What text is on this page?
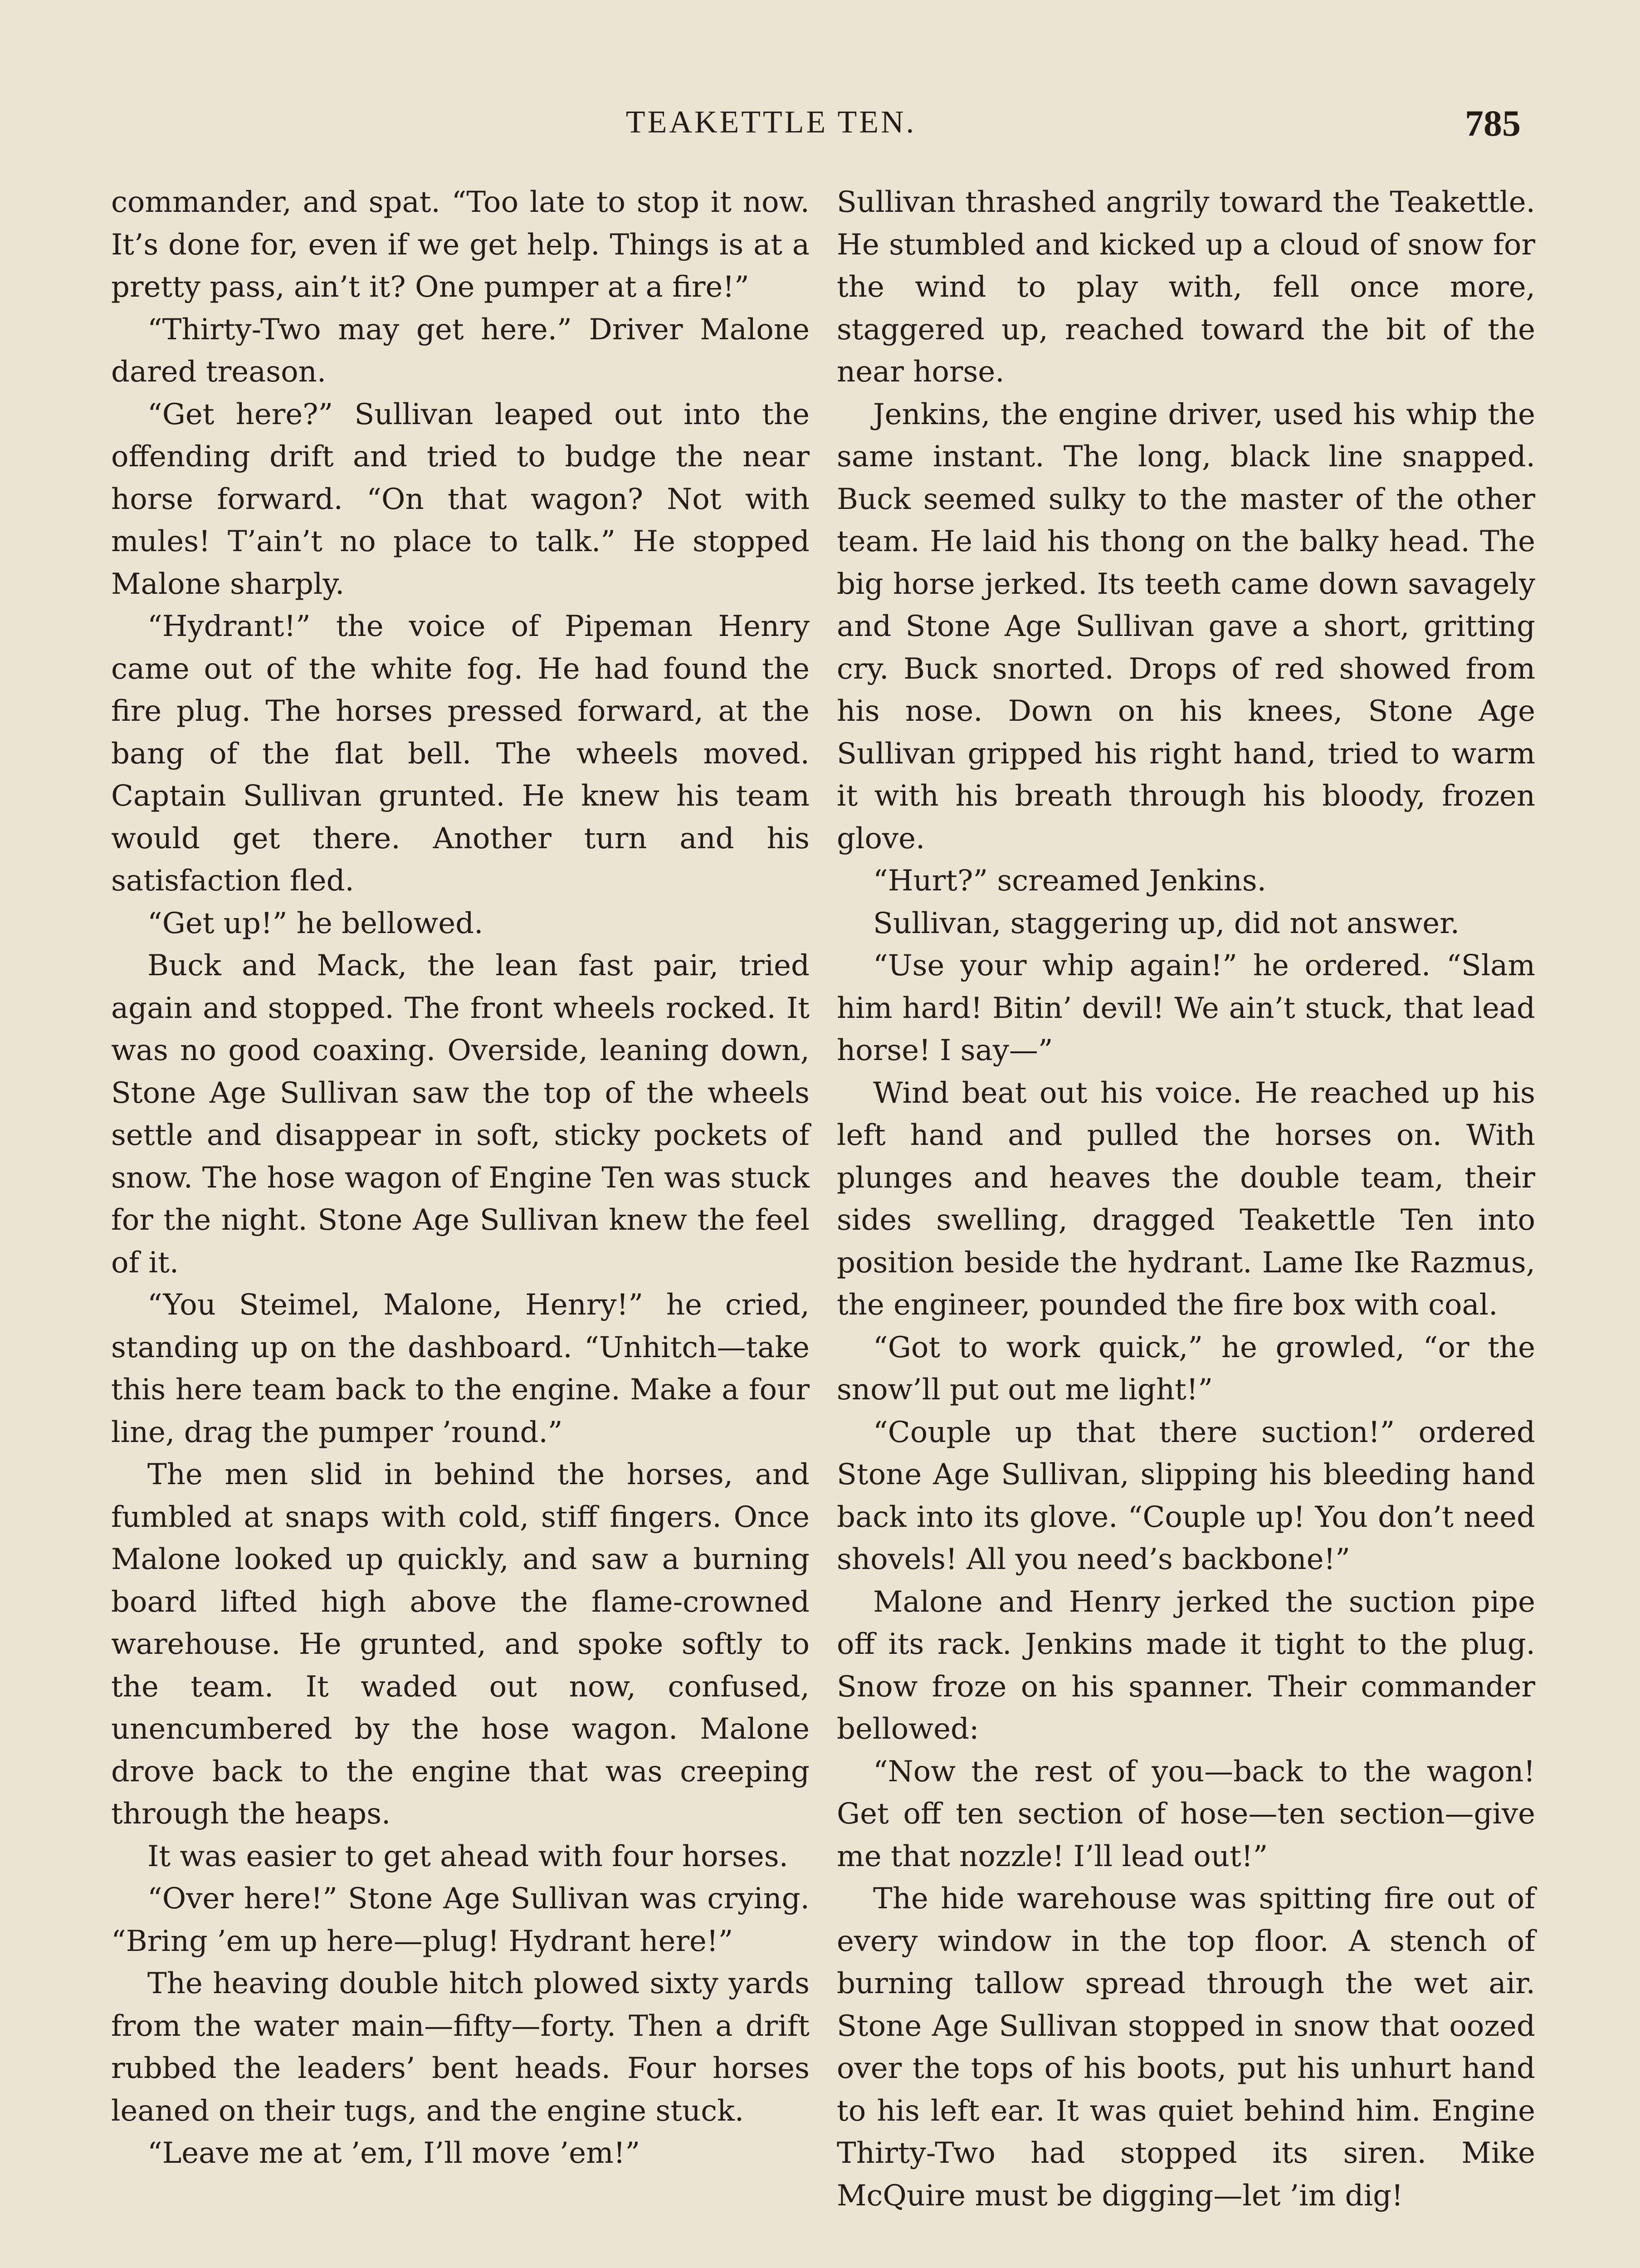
TEAKETTLE TEN.	785

commander, and spat. “Too late to stop it now. It’s done for, even if we get help. Things is at a pretty pass, ain’t it? One pumper at a fire!”

“Thirty-Two may get here.” Driver Malone dared treason.

“Get here?” Sullivan leaped out into the offending drift and tried to budge the near horse forward. “On that wagon? Not with mules! T’ain’t no place to talk.” He stopped Malone sharply.

“Hydrant!” the voice of Pipeman Henry came out of the white fog. He had found the fire plug. The horses pressed forward, at the bang of the flat bell. The wheels moved. Captain Sullivan grunted. He knew his team would get there. Another turn and his satisfaction fled.

“Get up!” he bellowed.

Buck and Mack, the lean fast pair, tried again and stopped. The front wheels rocked. It was no good coaxing. Overside, leaning down, Stone Age Sullivan saw the top of the wheels settle and disappear in soft, sticky pockets of snow. The hose wagon of Engine Ten was stuck for the night. Stone Age Sullivan knew the feel of it.

“You Steimel, Malone, Henry!” he cried, standing up on the dashboard. “Unhitch—take this here team back to the engine. Make a four line, drag the pumper ’round.”

The men slid in behind the horses, and fumbled at snaps with cold, stiff fingers. Once Malone looked up quickly, and saw a burning board lifted high above the flame-crowned warehouse. He grunted, and spoke softly to the team. It waded out now, confused, unencumbered by the hose wagon. Malone drove back to the engine that was creeping through the heaps.

It was easier to get ahead with four horses.

“Over here!” Stone Age Sullivan was crying. “Bring ’em up here—plug! Hydrant here!”

The heaving double hitch plowed sixty yards from the water main—fifty—forty. Then a drift rubbed the leaders’ bent heads. Four horses leaned on their tugs, and the engine stuck.

“Leave me at ’em, I’ll move ’em!”

Sullivan thrashed angrily toward the Teakettle. He stumbled and kicked up a cloud of snow for the wind to play with, fell once more, staggered up, reached toward the bit of the near horse.

Jenkins, the engine driver, used his whip the same instant. The long, black line snapped. Buck seemed sulky to the master of the other team. He laid his thong on the balky head. The big horse jerked. Its teeth came down savagely and Stone Age Sullivan gave a short, gritting cry. Buck snorted. Drops of red showed from his nose. Down on his knees, Stone Age Sullivan gripped his right hand, tried to warm it with his breath through his bloody, frozen glove.

“Hurt?” screamed Jenkins.

Sullivan, staggering up, did not answer.

“Use your whip again!” he ordered. “Slam him hard! Bitin’ devil! We ain’t stuck, that lead horse! I say—”

Wind beat out his voice. He reached up his left hand and pulled the horses on. With plunges and heaves the double team, their sides swelling, dragged Teakettle Ten into position beside the hydrant. Lame Ike Razmus, the engineer, pounded the fire box with coal.

“Got to work quick,” he growled, “or the snow’ll put out me light!”

“Couple up that there suction!” ordered Stone Age Sullivan, slipping his bleeding hand back into its glove. “Couple up! You don’t need shovels! All you need’s backbone!”

Malone and Henry jerked the suction pipe off its rack. Jenkins made it tight to the plug. Snow froze on his spanner. Their commander bellowed:

“Now the rest of you—back to the wagon! Get off ten section of hose—ten section—give me that nozzle! I’ll lead out!”

The hide warehouse was spitting fire out of every window in the top floor. A stench of burning tallow spread through the wet air. Stone Age Sullivan stopped in snow that oozed over the tops of his boots, put his unhurt hand to his left ear. It was quiet behind him. Engine Thirty-Two had stopped its siren. Mike McQuire must be digging—let ’im dig!
